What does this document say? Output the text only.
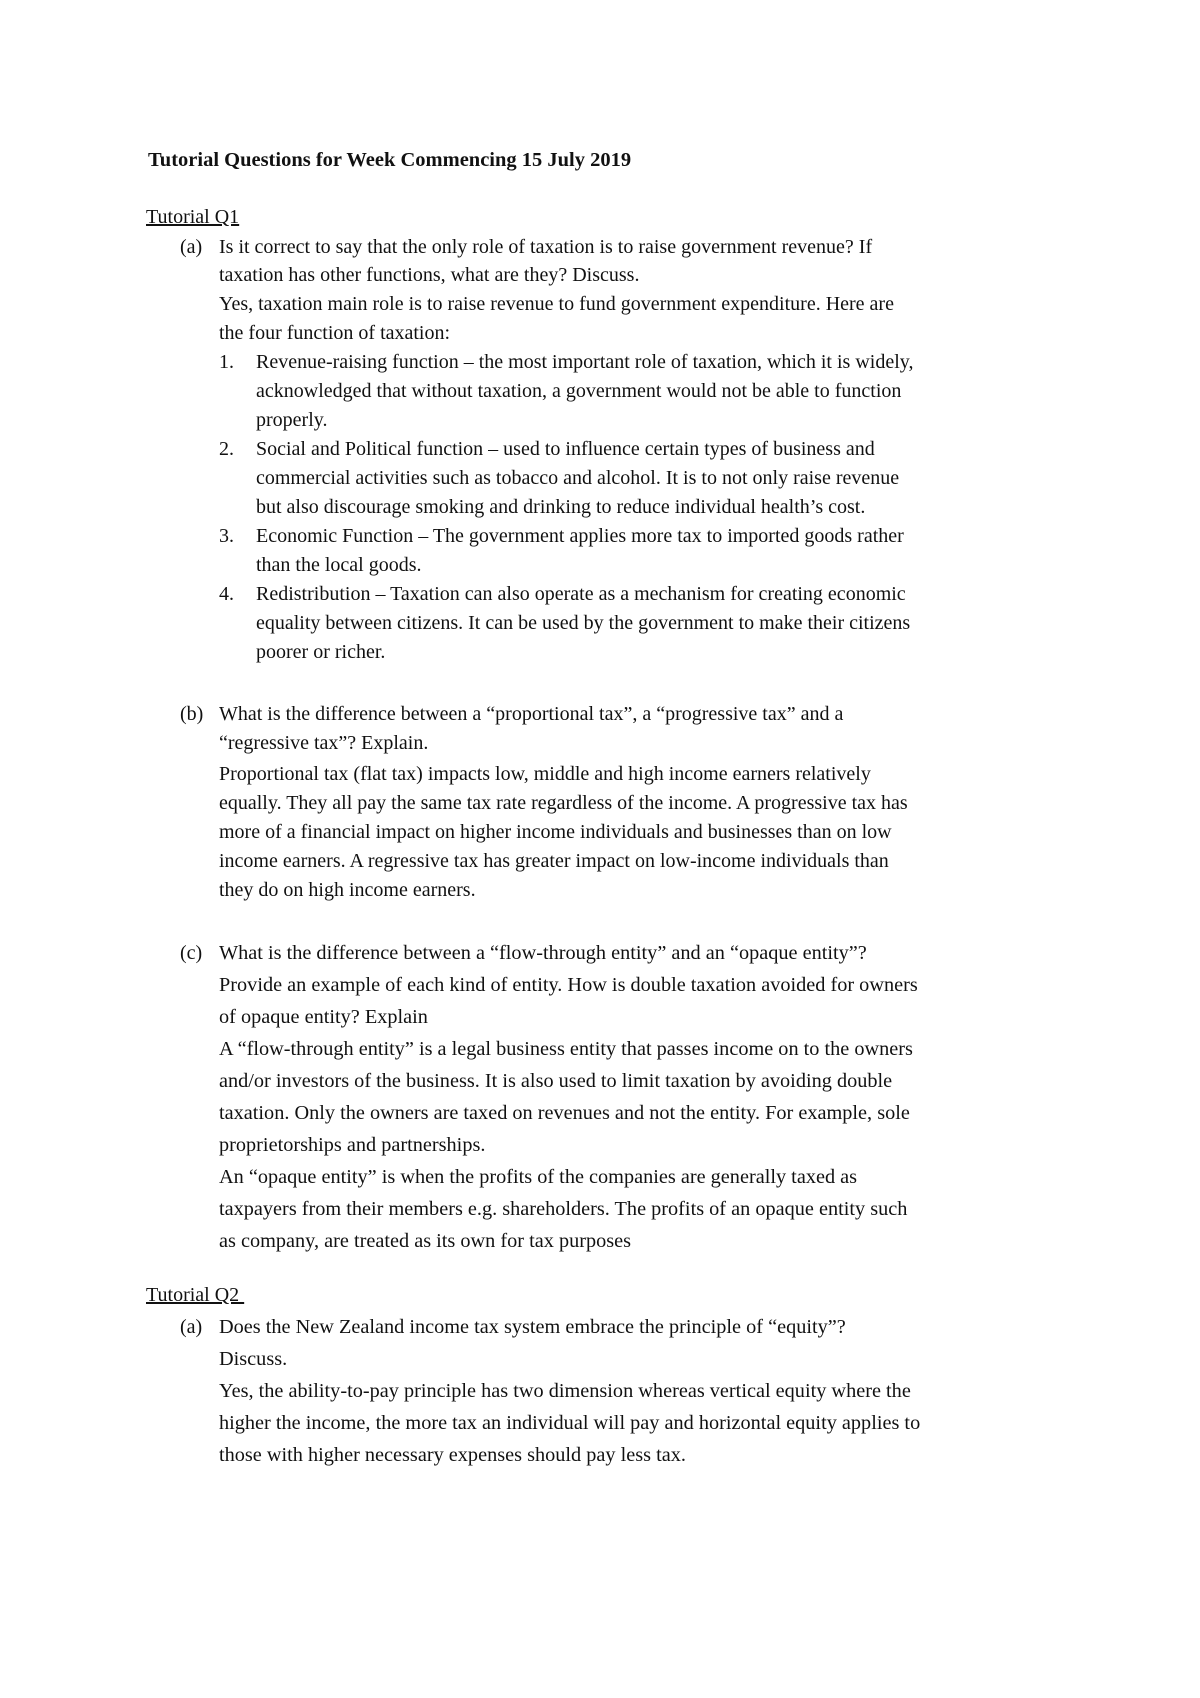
Tutorial Questions for Week Commencing 15 July 2019
Tutorial Q1
(a) Is it correct to say that the only role of taxation is to raise government revenue? If
taxation has other functions, what are they? Discuss.
Yes, taxation main role is to raise revenue to fund government expenditure. Here are
the four function of taxation:
1. Revenue-raising function – the most important role of taxation, which it is widely,
acknowledged that without taxation, a government would not be able to function
properly.
2. Social and Political function – used to influence certain types of business and
commercial activities such as tobacco and alcohol. It is to not only raise revenue
but also discourage smoking and drinking to reduce individual health’s cost.
3. Economic Function – The government applies more tax to imported goods rather
than the local goods.
4. Redistribution – Taxation can also operate as a mechanism for creating economic
equality between citizens. It can be used by the government to make their citizens
poorer or richer.
(b) What is the difference between a “proportional tax”, a “progressive tax” and a
“regressive tax”? Explain.
Proportional tax (flat tax) impacts low, middle and high income earners relatively
equally. They all pay the same tax rate regardless of the income. A progressive tax has
more of a financial impact on higher income individuals and businesses than on low
income earners. A regressive tax has greater impact on low-income individuals than
they do on high income earners.
(c) What is the difference between a “flow-through entity” and an “opaque entity”?
Provide an example of each kind of entity. How is double taxation avoided for owners
of opaque entity? Explain
A “flow-through entity” is a legal business entity that passes income on to the owners
and/or investors of the business. It is also used to limit taxation by avoiding double
taxation. Only the owners are taxed on revenues and not the entity. For example, sole
proprietorships and partnerships.
An “opaque entity” is when the profits of the companies are generally taxed as
taxpayers from their members e.g. shareholders. The profits of an opaque entity such
as company, are treated as its own for tax purposes
Tutorial Q2
(a) Does the New Zealand income tax system embrace the principle of “equity”?
Discuss.
Yes, the ability-to-pay principle has two dimension whereas vertical equity where the
higher the income, the more tax an individual will pay and horizontal equity applies to
those with higher necessary expenses should pay less tax.
